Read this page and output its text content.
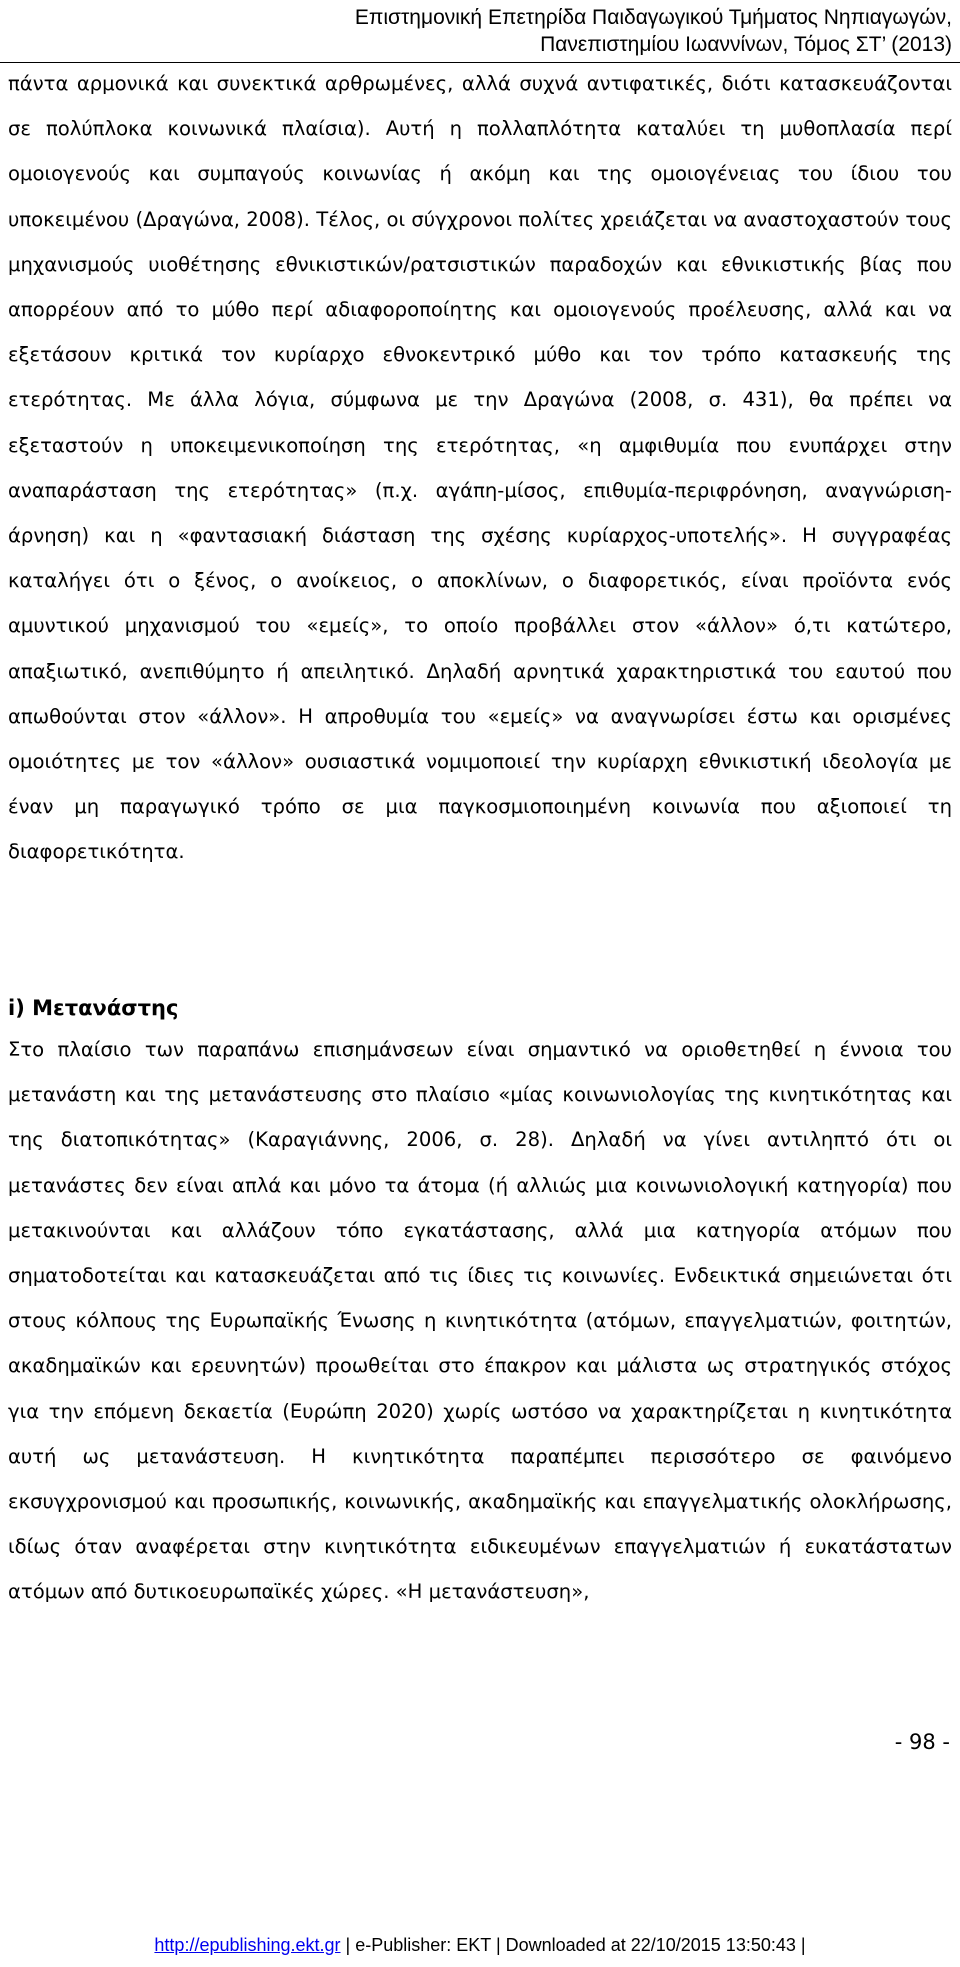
Επιστημονική Επετηρίδα Παιδαγωγικού Τμήματος Νηπιαγωγών,
Πανεπιστημίου Ιωαννίνων, Τόμος ΣΤ’ (2013)

πάντα αρμονικά και συνεκτικά αρθρωμένες, αλλά συχνά αντιφατικές, διότι κατασκευάζονται σε πολύπλοκα κοινωνικά πλαίσια). Αυτή η πολλαπλότητα καταλύει τη μυθοπλασία περί ομοιογενούς και συμπαγούς κοινωνίας ή ακόμη και της ομοιογένειας του ίδιου του υποκειμένου (Δραγώνα, 2008). Τέλος, οι σύγχρονοι πολίτες χρειάζεται να αναστοχαστούν τους μηχανισμούς υιοθέτησης εθνικιστικών/ρατσιστικών παραδοχών και εθνικιστικής βίας που απορρέουν από το μύθο περί αδιαφοροποίητης και ομοιογενούς προέλευσης, αλλά και να εξετάσουν κριτικά τον κυρίαρχο εθνοκεντρικό μύθο και τον τρόπο κατασκευής της ετερότητας. Με άλλα λόγια, σύμφωνα με την Δραγώνα (2008, σ. 431), θα πρέπει να εξεταστούν η υποκειμενικοποίηση της ετερότητας, «η αμφιθυμία που ενυπάρχει στην αναπαράσταση της ετερότητας» (π.χ. αγάπη-μίσος, επιθυμία-περιφρόνηση, αναγνώριση-άρνηση) και η «φαντασιακή διάσταση της σχέσης κυρίαρχος-υποτελής». Η συγγραφέας καταλήγει ότι ο ξένος, ο ανοίκειος, ο αποκλίνων, ο διαφορετικός, είναι προϊόντα ενός αμυντικού μηχανισμού του «εμείς», το οποίο προβάλλει στον «άλλον» ό,τι κατώτερο, απαξιωτικό, ανεπιθύμητο ή απειλητικό. Δηλαδή αρνητικά χαρακτηριστικά του εαυτού που απωθούνται στον «άλλον». Η απροθυμία του «εμείς» να αναγνωρίσει έστω και ορισμένες ομοιότητες με τον «άλλον» ουσιαστικά νομιμοποιεί την κυρίαρχη εθνικιστική ιδεολογία με έναν μη παραγωγικό τρόπο σε μια παγκοσμιοποιημένη κοινωνία που αξιοποιεί τη διαφορετικότητα.

i) Μετανάστης

Στο πλαίσιο των παραπάνω επισημάνσεων είναι σημαντικό να οριοθετηθεί η έννοια του μετανάστη και της μετανάστευσης στο πλαίσιο «μίας κοινωνιολογίας της κινητικότητας και της διατοπικότητας» (Καραγιάννης, 2006, σ. 28). Δηλαδή να γίνει αντιληπτό ότι οι μετανάστες δεν είναι απλά και μόνο τα άτομα (ή αλλιώς μια κοινωνιολογική κατηγορία) που μετακινούνται και αλλάζουν τόπο εγκατάστασης, αλλά μια κατηγορία ατόμων που σηματοδοτείται και κατασκευάζεται από τις ίδιες τις κοινωνίες. Ενδεικτικά σημειώνεται ότι στους κόλπους της Ευρωπαϊκής Ένωσης η κινητικότητα (ατόμων, επαγγελματιών, φοιτητών, ακαδημαϊκών και ερευνητών) προωθείται στο έπακρον και μάλιστα ως στρατηγικός στόχος για την επόμενη δεκαετία (Ευρώπη 2020) χωρίς ωστόσο να χαρακτηρίζεται η κινητικότητα αυτή ως μετανάστευση. Η κινητικότητα παραπέμπει περισσότερο σε φαινόμενο εκσυγχρονισμού και προσωπικής, κοινωνικής, ακαδημαϊκής και επαγγελματικής ολοκλήρωσης, ιδίως όταν αναφέρεται στην κινητικότητα ειδικευμένων επαγγελματιών ή ευκατάστατων ατόμων από δυτικοευρωπαϊκές χώρες. «Η μετανάστευση»,

- 98 -
http://epublishing.ekt.gr | e-Publisher: EKT | Downloaded at 22/10/2015 13:50:43 |
